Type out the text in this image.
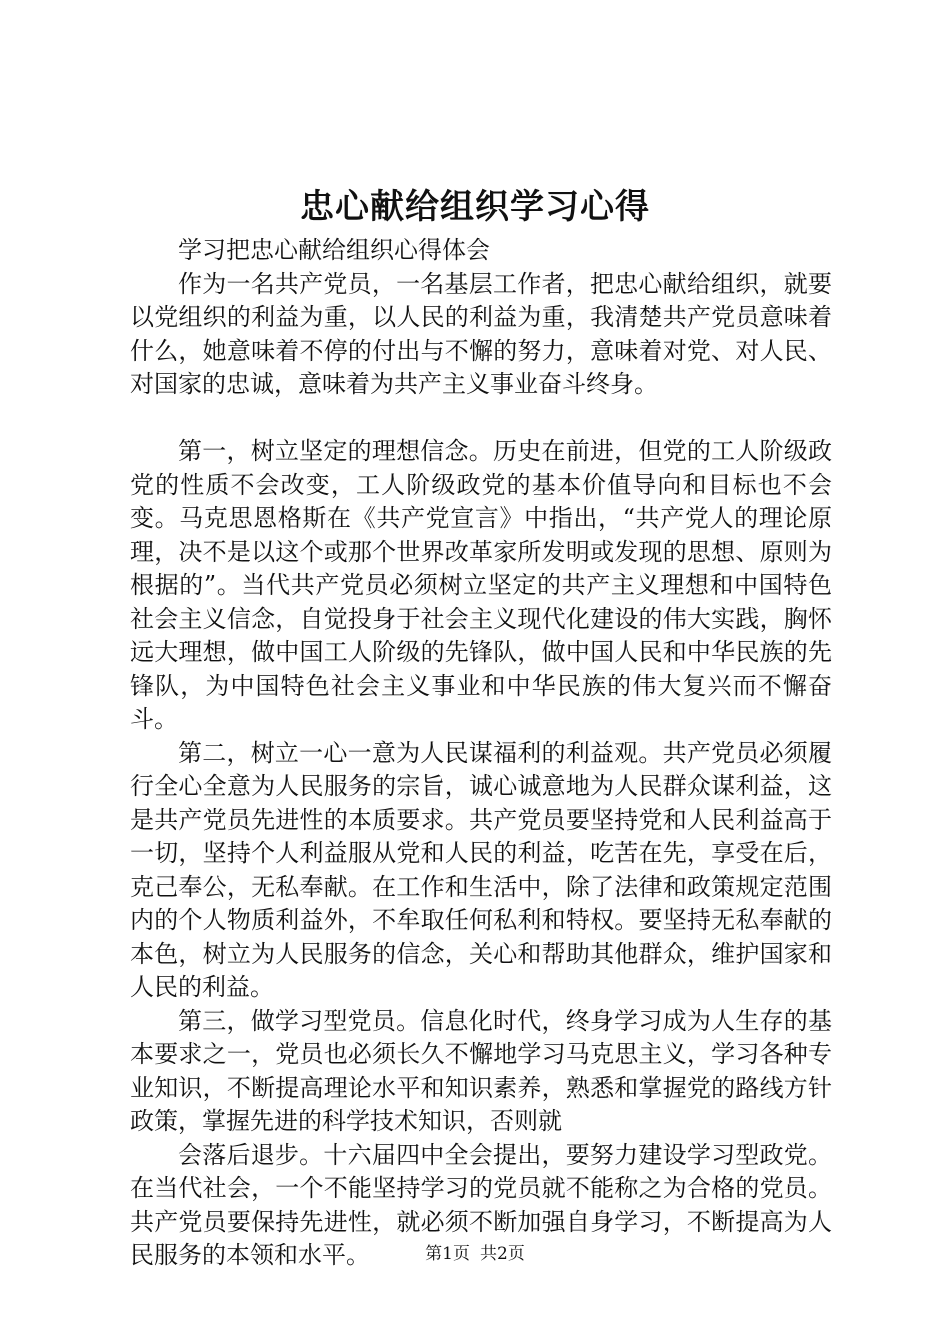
忠心献给组织学习心得

学习把忠心献给组织心得体会

作为一名共产党员，一名基层工作者，把忠心献给组织，就要以党组织的利益为重，以人民的利益为重，我清楚共产党员意味着什么，她意味着不停的付出与不懈的努力，意味着对党、对人民、对国家的忠诚，意味着为共产主义事业奋斗终身。

第一，树立坚定的理想信念。历史在前进，但党的工人阶级政党的性质不会改变，工人阶级政党的基本价值导向和目标也不会变。马克思恩格斯在《共产党宣言》中指出，“共产党人的理论原理，决不是以这个或那个世界改革家所发明或发现的思想、原则为根据的”。当代共产党员必须树立坚定的共产主义理想和中国特色社会主义信念，自觉投身于社会主义现代化建设的伟大实践，胸怀远大理想，做中国工人阶级的先锋队，做中国人民和中华民族的先锋队，为中国特色社会主义事业和中华民族的伟大复兴而不懈奋斗。

第二，树立一心一意为人民谋福利的利益观。共产党员必须履行全心全意为人民服务的宗旨，诚心诚意地为人民群众谋利益，这是共产党员先进性的本质要求。共产党员要坚持党和人民利益高于一切，坚持个人利益服从党和人民的利益，吃苦在先，享受在后，克己奉公，无私奉献。在工作和生活中，除了法律和政策规定范围内的个人物质利益外，不牟取任何私利和特权。要坚持无私奉献的本色，树立为人民服务的信念，关心和帮助其他群众，维护国家和人民的利益。

第三，做学习型党员。信息化时代，终身学习成为人生存的基本要求之一，党员也必须长久不懈地学习马克思主义，学习各种专业知识，不断提高理论水平和知识素养，熟悉和掌握党的路线方针政策，掌握先进的科学技术知识，否则就

会落后退步。十六届四中全会提出，要努力建设学习型政党。在当代社会，一个不能坚持学习的党员就不能称之为合格的党员。共产党员要保持先进性，就必须不断加强自身学习，不断提高为人民服务的本领和水平。	第1页 共2页
